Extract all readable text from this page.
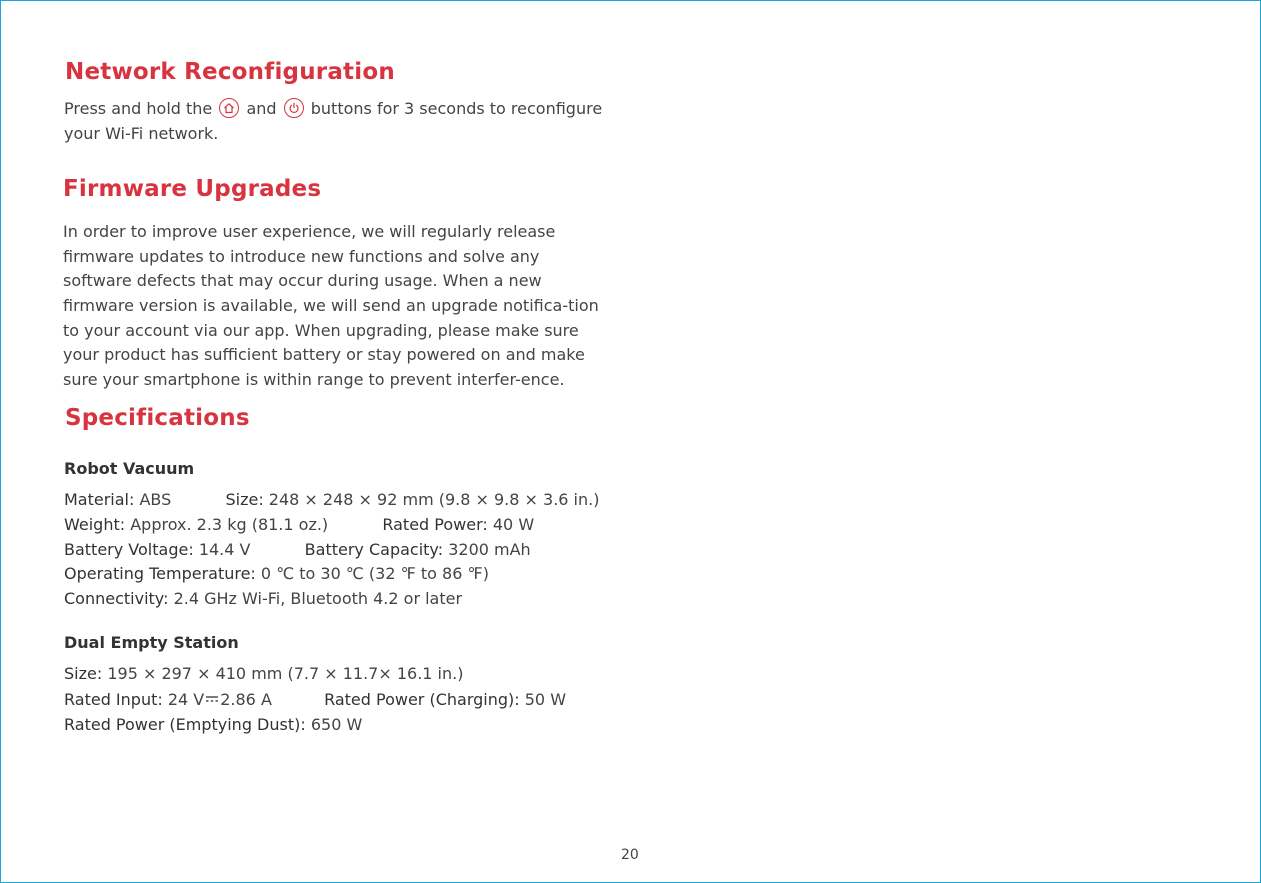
Network Reconfiguration

Press and hold the and buttons for 3 seconds to reconfigure your Wi-Fi network.

Firmware Upgrades

In order to improve user experience, we will regularly release firmware updates to introduce new functions and solve any software defects that may occur during usage. When a new firmware version is available, we will send an upgrade notifica-tion to your account via our app. When upgrading, please make sure your product has sufficient battery or stay powered on and make sure your smartphone is within range to prevent interfer-ence.

Specifications
Robot Vacuum
Material: ABS	Size: 248 × 248 × 92 mm (9.8 × 9.8 × 3.6 in.)
Weight: Approx. 2.3 kg (81.1 oz.)	Rated Power: 40 W
Battery Voltage: 14.4 V	Battery Capacity: 3200 mAh
Operating Temperature: 0 ℃ to 30 ℃ (32 ℉ to 86 ℉)
Connectivity: 2.4 GHz Wi-Fi, Bluetooth 4.2 or later
Dual Empty Station
Size: 195 × 297 × 410 mm (7.7 × 11.7× 16.1 in.)
Rated Input: 24 V 2.86 A	Rated Power (Charging): 50 W
Rated Power (Emptying Dust): 650 W
20
